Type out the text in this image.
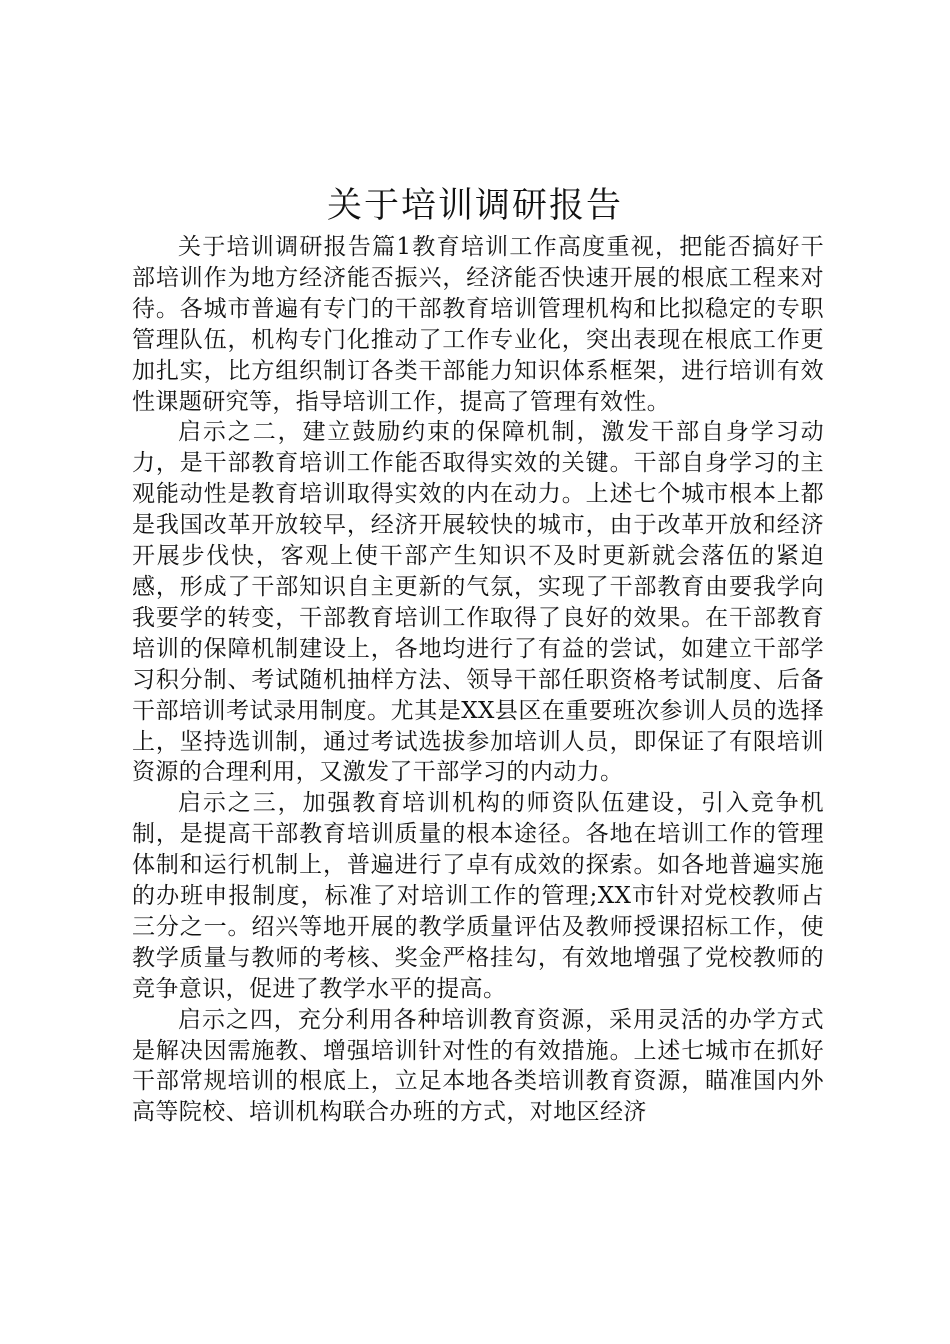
关于培训调研报告

关于培训调研报告篇1教育培训工作高度重视，把能否搞好干部培训作为地方经济能否振兴，经济能否快速开展的根底工程来对待。各城市普遍有专门的干部教育培训管理机构和比拟稳定的专职管理队伍，机构专门化推动了工作专业化，突出表现在根底工作更加扎实，比方组织制订各类干部能力知识体系框架，进行培训有效性课题研究等，指导培训工作，提高了管理有效性。

启示之二，建立鼓励约束的保障机制，激发干部自身学习动力，是干部教育培训工作能否取得实效的关键。干部自身学习的主观能动性是教育培训取得实效的内在动力。上述七个城市根本上都是我国改革开放较早，经济开展较快的城市，由于改革开放和经济开展步伐快，客观上使干部产生知识不及时更新就会落伍的紧迫感，形成了干部知识自主更新的气氛，实现了干部教育由要我学向我要学的转变，干部教育培训工作取得了良好的效果。在干部教育培训的保障机制建设上，各地均进行了有益的尝试，如建立干部学习积分制、考试随机抽样方法、领导干部任职资格考试制度、后备干部培训考试录用制度。尤其是XX县区在重要班次参训人员的选择上，坚持选训制，通过考试选拔参加培训人员，即保证了有限培训资源的合理利用，又激发了干部学习的内动力。

启示之三，加强教育培训机构的师资队伍建设，引入竞争机制，是提高干部教育培训质量的根本途径。各地在培训工作的管理体制和运行机制上，普遍进行了卓有成效的探索。如各地普遍实施的办班申报制度，标准了对培训工作的管理;XX市针对党校教师占三分之一。绍兴等地开展的教学质量评估及教师授课招标工作，使教学质量与教师的考核、奖金严格挂勾，有效地增强了党校教师的竞争意识，促进了教学水平的提高。

启示之四，充分利用各种培训教育资源，采用灵活的办学方式是解决因需施教、增强培训针对性的有效措施。上述七城市在抓好干部常规培训的根底上，立足本地各类培训教育资源，瞄准国内外高等院校、培训机构联合办班的方式，对地区经济
